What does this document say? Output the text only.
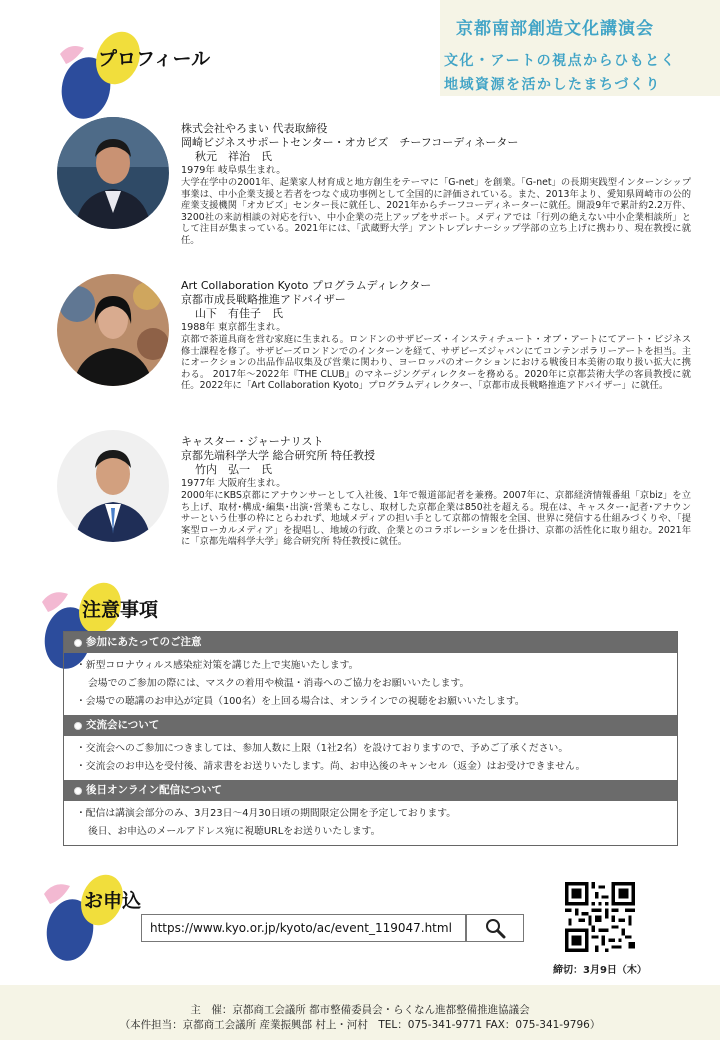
京都南部創造文化講演会
文化・アートの視点からひもとく
地域資源を活かしたまちづくり
プロフィール
株式会社やろまい 代表取締役
岡崎ビジネスサポートセンター・オカビズ　チーフコーディネーター
秋元　祥治　氏
1979年 岐阜県生まれ。
大学在学中の2001年、起業家人材育成と地方創生をテーマに「G-net」を創業。「G-net」の長期実践型インターンシップ事業は、中小企業支援と若者をつなぐ成功事例として全国的に評価されている。また、2013年より、愛知県岡崎市の公的産業支援機関「オカビズ」センター長に就任し、2021年からチーフコーディネーターに就任。開設9年で累計約2.2万件、3200社の来訪相談の対応を行い、中小企業の売上アップをサポート。メディアでは「行列の絶えない中小企業相談所」として注目が集まっている。2021年には、「武蔵野大学」アントレプレナーシップ学部の立ち上げに携わり、現在教授に就任。
Art Collaboration Kyoto プログラムディレクター
京都市成長戦略推進アドバイザー
山下　有佳子　氏
1988年 東京都生まれ。
京都で茶道具商を営む家庭に生まれる。ロンドンのサザビーズ・インスティチュート・オブ・アートにてアート・ビジネス修士課程を修了。サザビーズロンドンでのインターンを経て、サザビーズジャパンにてコンテンポラリーアートを担当。主にオークションの出品作品収集及び営業に関わり、ヨーロッパのオークションにおける戦後日本美術の取り扱い拡大に携わる。 2017年～2022年『THE CLUB』のマネージングディレクターを務める。2020年に京都芸術大学の客員教授に就任。2022年に「Art Collaboration Kyoto」プログラムディレクター、「京都市成長戦略推進アドバイザー」に就任。
キャスター・ジャーナリスト
京都先端科学大学 総合研究所 特任教授
竹内　弘一　氏
1977年 大阪府生まれ。
2000年にKBS京都にアナウンサーとして入社後、1年で報道部記者を兼務。2007年に、京都経済情報番組「京biz」を立ち上げ、取材･構成･編集･出演･営業もこなし、取材した京都企業は850社を超える。現在は、キャスター･記者･アナウンサーという仕事の枠にとらわれず、地域メディアの担い手として京都の情報を全国、世界に発信する仕組みづくりや、「提案型ローカルメディア」を提唱し、地域の行政、企業とのコラボレーションを仕掛け、京都の活性化に取り組む。2021年に「京都先端科学大学」総合研究所 特任教授に就任。
注意事項
参加にあたってのご注意
・新型コロナウィルス感染症対策を講じた上で実施いたします。
会場でのご参加の際には、マスクの着用や検温・消毒へのご協力をお願いいたします。
・会場での聴講のお申込が定員（100名）を上回る場合は、オンラインでの視聴をお願いいたします。
交流会について
・交流会へのご参加につきましては、参加人数に上限（1社2名）を設けておりますので、予めご了承ください。
・交流会のお申込を受付後、請求書をお送りいたします。尚、お申込後のキャンセル（返金）はお受けできません。
後日オンライン配信について
・配信は講演会部分のみ、3月23日～4月30日頃の期間限定公開を予定しております。
後日、お申込のメールアドレス宛に視聴URLをお送りいたします。
お申込
https://www.kyo.or.jp/kyoto/ac/event_119047.html
締切：3月9日（木）
主　催：京都商工会議所 都市整備委員会・らくなん進都整備推進協議会
（本件担当：京都商工会議所 産業振興部 村上・河村　TEL：075-341-9771 FAX：075-341-9796）
